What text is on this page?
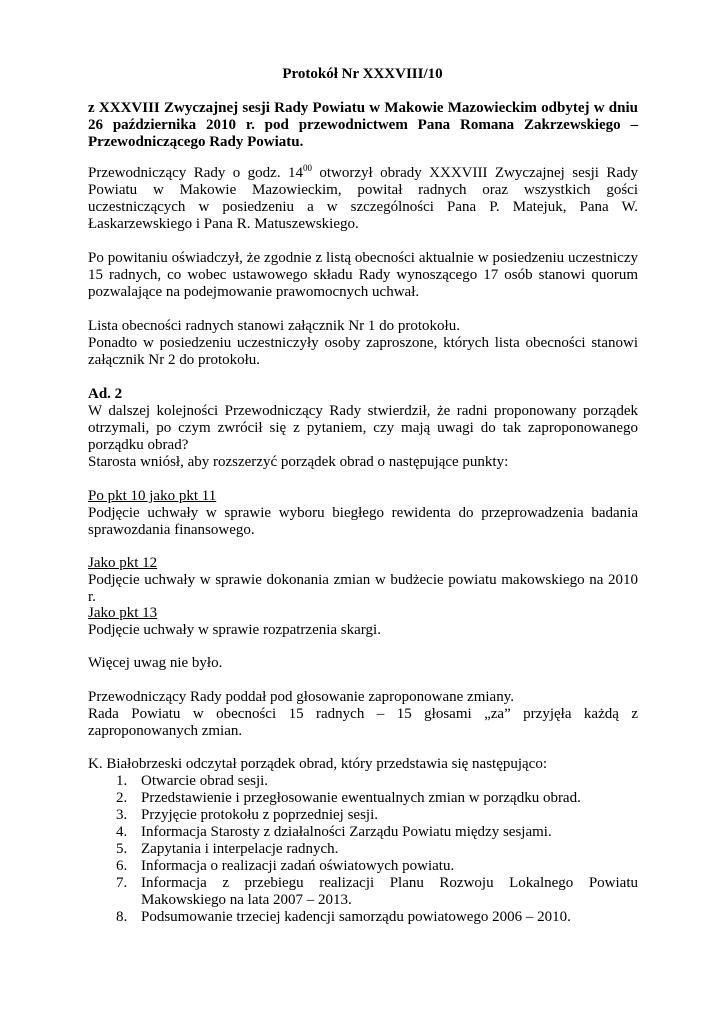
Protokół Nr XXXVIII/10

z XXXVIII Zwyczajnej sesji Rady Powiatu w Makowie Mazowieckim odbytej w dniu 26 października 2010 r. pod przewodnictwem Pana Romana Zakrzewskiego – Przewodniczącego Rady Powiatu.

Przewodniczący Rady o godz. $14^{00}$ otworzył obrady XXXVIII Zwyczajnej sesji Rady Powiatu w Makowie Mazowieckim, powitał radnych oraz wszystkich gości uczestniczących w posiedzeniu a w szczególności Pana P. Matejuk, Pana W. Łaskarzewskiego i Pana R. Matuszewskiego.

Po powitaniu oświadczył, że zgodnie z listą obecności aktualnie w posiedzeniu uczestniczy 15 radnych, co wobec ustawowego składu Rady wynoszącego 17 osób stanowi quorum pozwalające na podejmowanie prawomocnych uchwał.

Lista obecności radnych stanowi załącznik Nr 1 do protokołu.

Ponadto w posiedzeniu uczestniczyły osoby zaproszone, których lista obecności stanowi załącznik Nr 2 do protokołu.

Ad. 2

W dalszej kolejności Przewodniczący Rady stwierdził, że radni proponowany porządek otrzymali, po czym zwrócił się z pytaniem, czy mają uwagi do tak zaproponowanego porządku obrad?

Starosta wniósł, aby rozszerzyć porządek obrad o następujące punkty:

Po pkt 10 jako pkt 11

Podjęcie uchwały w sprawie wyboru biegłego rewidenta do przeprowadzenia badania sprawozdania finansowego.

Jako pkt 12

Podjęcie uchwały w sprawie dokonania zmian w budżecie powiatu makowskiego na 2010 r.

Jako pkt 13

Podjęcie uchwały w sprawie rozpatrzenia skargi.

Więcej uwag nie było.

Przewodniczący Rady poddał pod głosowanie zaproponowane zmiany.

Rada Powiatu w obecności 15 radnych – 15 głosami „za” przyjęła każdą z zaproponowanych zmian.

K. Białobrzeski odczytał porządek obrad, który przedstawia się następująco:

1. Otwarcie obrad sesji.
2. Przedstawienie i przegłosowanie ewentualnych zmian w porządku obrad.
3. Przyjęcie protokołu z poprzedniej sesji.
4. Informacja Starosty z działalności Zarządu Powiatu między sesjami.
5. Zapytania i interpelacje radnych.
6. Informacja o realizacji zadań oświatowych powiatu.
7. Informacja z przebiegu realizacji Planu Rozwoju Lokalnego Powiatu Makowskiego na lata 2007 – 2013.
8. Podsumowanie trzeciej kadencji samorządu powiatowego 2006 – 2010.
